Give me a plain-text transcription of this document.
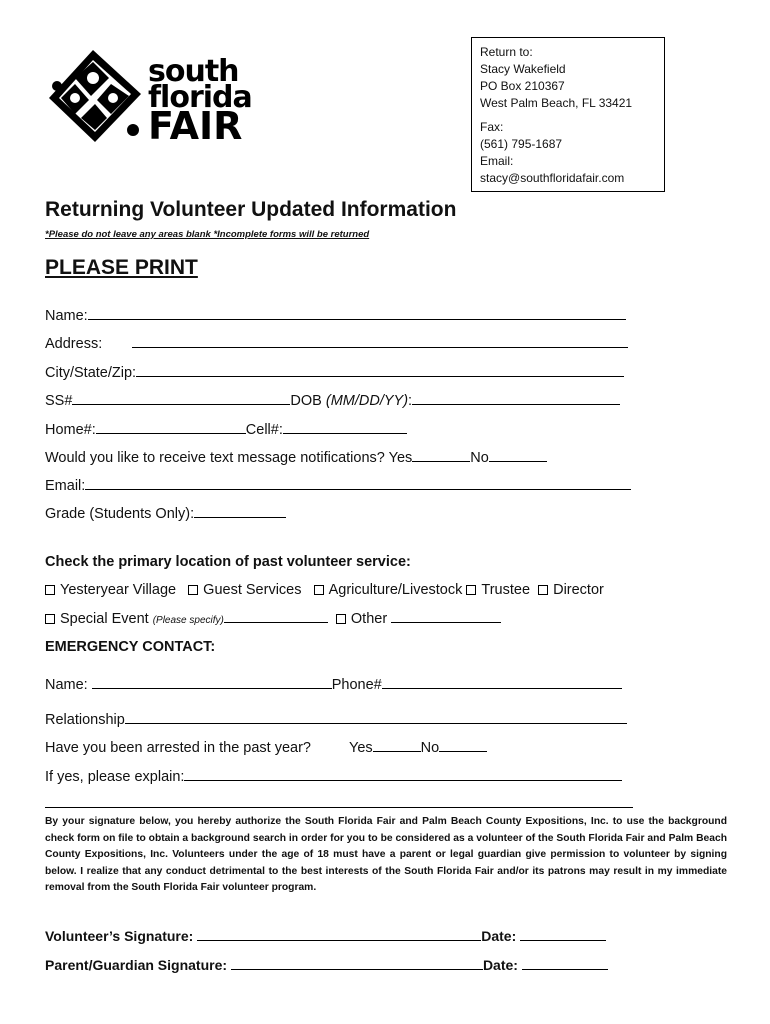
south
florida
FAIR
Return to:
Stacy Wakefield
PO Box 210367
West Palm Beach, FL 33421
Fax:
(561) 795-1687
Email:
stacy@southfloridafair.com
Returning Volunteer Updated Information
*Please do not leave any areas blank *Incomplete forms will be returned
PLEASE PRINT
Name:
Address:
City/State/Zip:
SS#	DOB (MM/DD/YY):
Home#:	Cell#:
Would you like to receive text message notifications? Yes	No
Email:
Grade (Students Only):
Check the primary location of past volunteer service:
Yesteryear Village Guest Services Agriculture/Livestock Trustee Director
Special Event (Please specify)	Other
EMERGENCY CONTACT:
Name:	Phone#
Relationship
Have you been arrested in the past year?	Yes	No
If yes, please explain:
By your signature below, you hereby authorize the South Florida Fair and Palm Beach County Expositions, Inc. to use the background check form on file to obtain a background search in order for you to be considered as a volunteer of the South Florida Fair and Palm Beach County Expositions, Inc. Volunteers under the age of 18 must have a parent or legal guardian give permission to volunteer by signing below. I realize that any conduct detrimental to the best interests of the South Florida Fair and/or its patrons may result in my immediate removal from the South Florida Fair volunteer program.
Volunteer’s Signature:	Date:
Parent/Guardian Signature:	Date:
